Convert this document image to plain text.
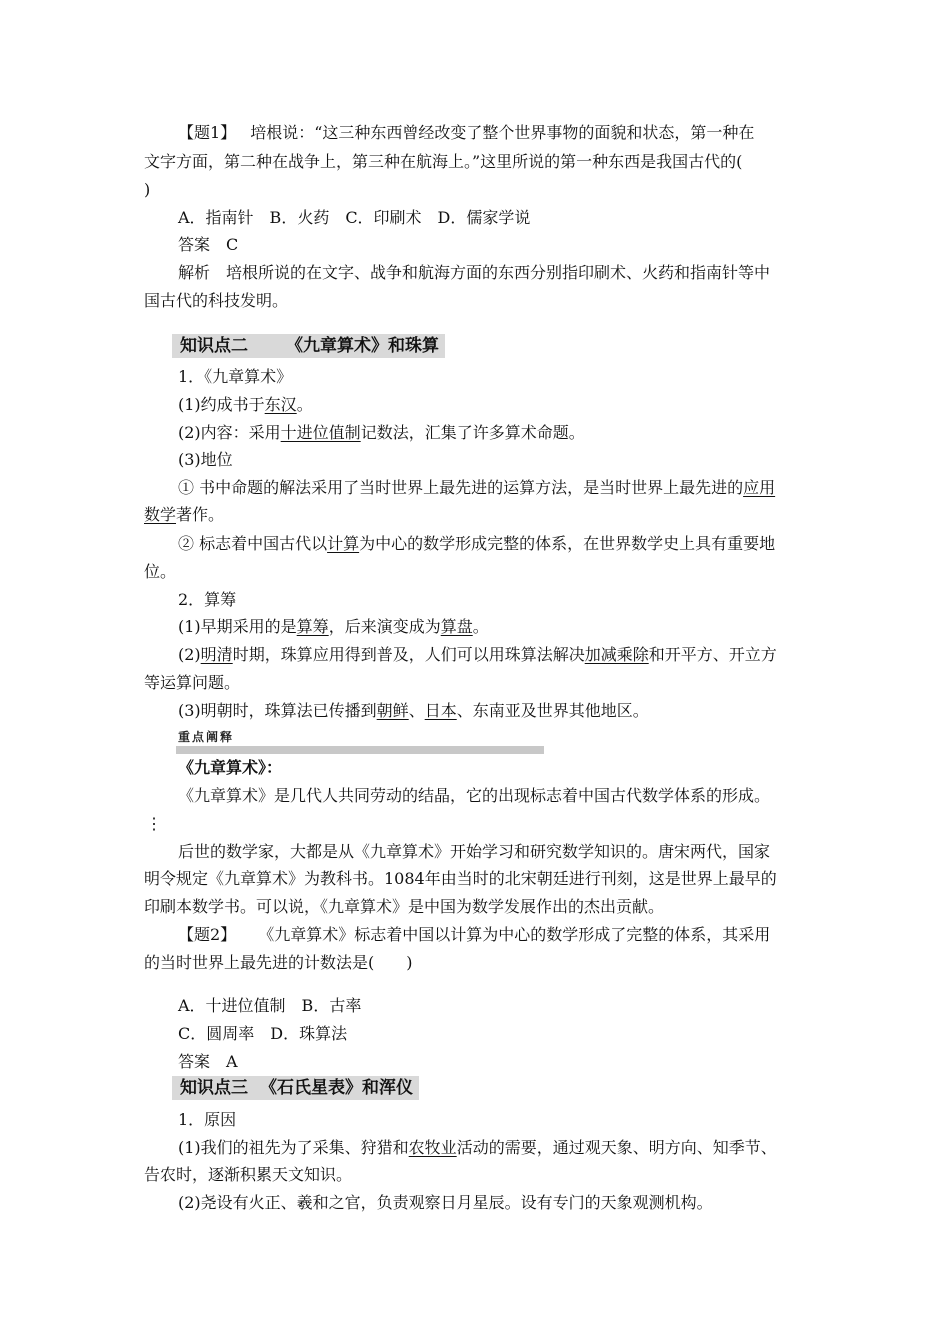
【题1】 培根说：“这三种东西曾经改变了整个世界事物的面貌和状态，第一种在
文字方面，第二种在战争上，第三种在航海上。”这里所说的第一种东西是我国古代的(
)
A．指南针　B．火药　C．印刷术　D．儒家学说
答案　C
解析　培根所说的在文字、战争和航海方面的东西分别指印刷术、火药和指南针等中
国古代的科技发明。
知识点二 《九章算术》和珠算
1．《九章算术》
(1)约成书于东汉。
(2)内容：采用十进位值制记数法，汇集了许多算术命题。
(3)地位
① 书中命题的解法采用了当时世界上最先进的运算方法，是当时世界上最先进的应用
数学著作。
② 标志着中国古代以计算为中心的数学形成完整的体系，在世界数学史上具有重要地
位。
2．算筹
(1)早期采用的是算筹，后来演变成为算盘。
(2)明清时期，珠算应用得到普及，人们可以用珠算法解决加减乘除和开平方、开立方
等运算问题。
(3)明朝时，珠算法已传播到朝鲜、日本、东南亚及世界其他地区。
重点阐释
《九章算术》：
《九章算术》是几代人共同劳动的结晶，它的出现标志着中国古代数学体系的形成。
⋮
后世的数学家，大都是从《九章算术》开始学习和研究数学知识的。唐宋两代，国家
明令规定《九章算术》为教科书。1084年由当时的北宋朝廷进行刊刻，这是世界上最早的
印刷本数学书。可以说，《九章算术》是中国为数学发展作出的杰出贡献。
【题2】 《九章算术》标志着中国以计算为中心的数学形成了完整的体系，其采用
的当时世界上最先进的计数法是(　　)
A．十进位值制　B．古率
C．圆周率　D．珠算法
答案　A
知识点三 《石氏星表》和浑仪
1．原因
(1)我们的祖先为了采集、狩猎和农牧业活动的需要，通过观天象、明方向、知季节、
告农时，逐渐积累天文知识。
(2)尧设有火正、羲和之官，负责观察日月星辰。设有专门的天象观测机构。
